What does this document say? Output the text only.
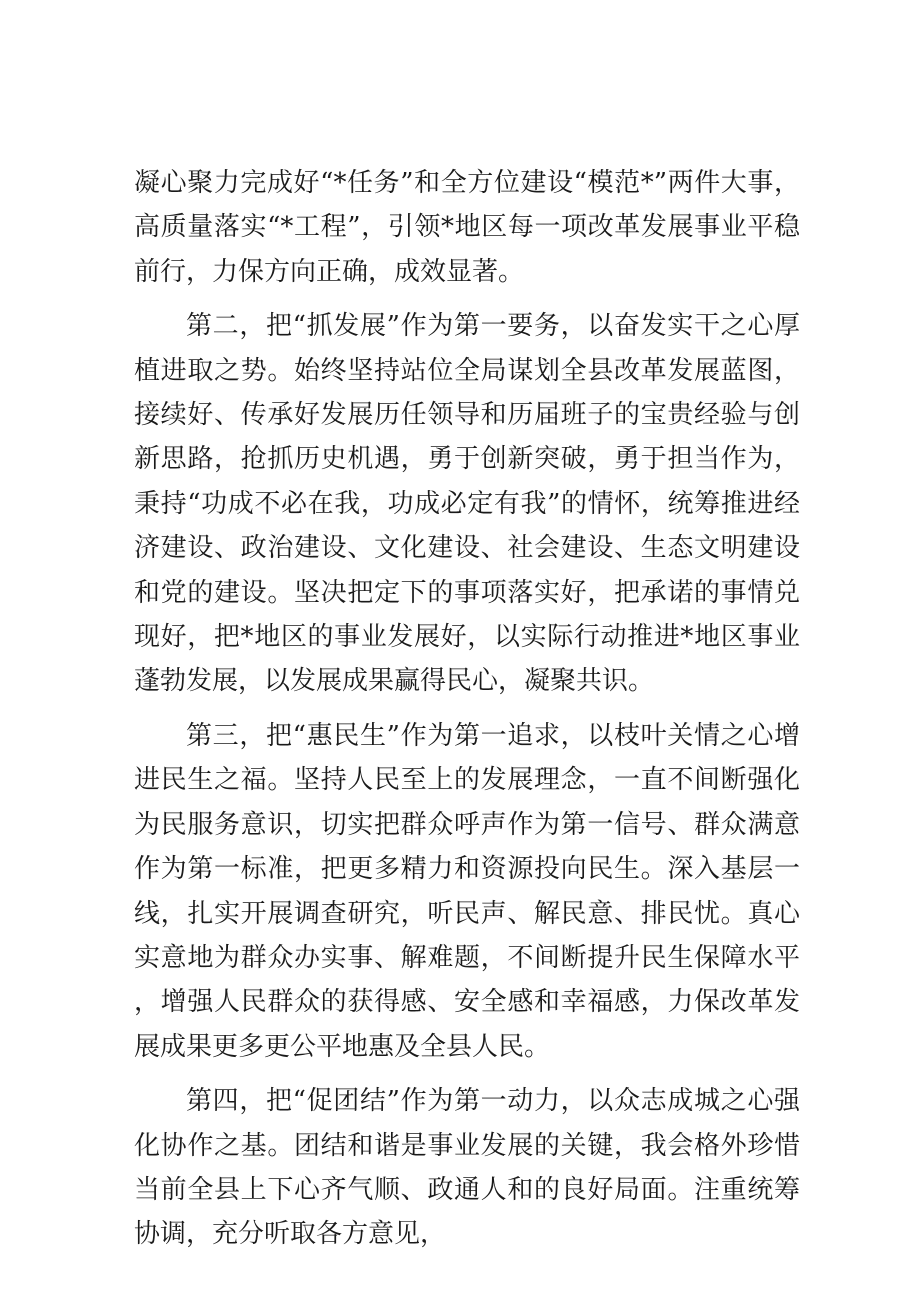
凝心聚力完成好“*任务”和全方位建设“模范*”两件大事，高质量落实“*工程”，引领*地区每一项改革发展事业平稳前行，力保方向正确，成效显著。

第二，把“抓发展”作为第一要务，以奋发实干之心厚植进取之势。始终坚持站位全局谋划全县改革发展蓝图，接续好、传承好发展历任领导和历届班子的宝贵经验与创新思路，抢抓历史机遇，勇于创新突破，勇于担当作为，秉持“功成不必在我，功成必定有我”的情怀，统筹推进经济建设、政治建设、文化建设、社会建设、生态文明建设和党的建设。坚决把定下的事项落实好，把承诺的事情兑现好，把*地区的事业发展好，以实际行动推进*地区事业蓬勃发展，以发展成果赢得民心，凝聚共识。

第三，把“惠民生”作为第一追求，以枝叶关情之心增进民生之福。坚持人民至上的发展理念，一直不间断强化为民服务意识，切实把群众呼声作为第一信号、群众满意作为第一标准，把更多精力和资源投向民生。深入基层一线，扎实开展调查研究，听民声、解民意、排民忧。真心实意地为群众办实事、解难题，不间断提升民生保障水平，增强人民群众的获得感、安全感和幸福感，力保改革发展成果更多更公平地惠及全县人民。

第四，把“促团结”作为第一动力，以众志成城之心强化协作之基。团结和谐是事业发展的关键，我会格外珍惜当前全县上下心齐气顺、政通人和的良好局面。注重统筹协调，充分听取各方意见，
